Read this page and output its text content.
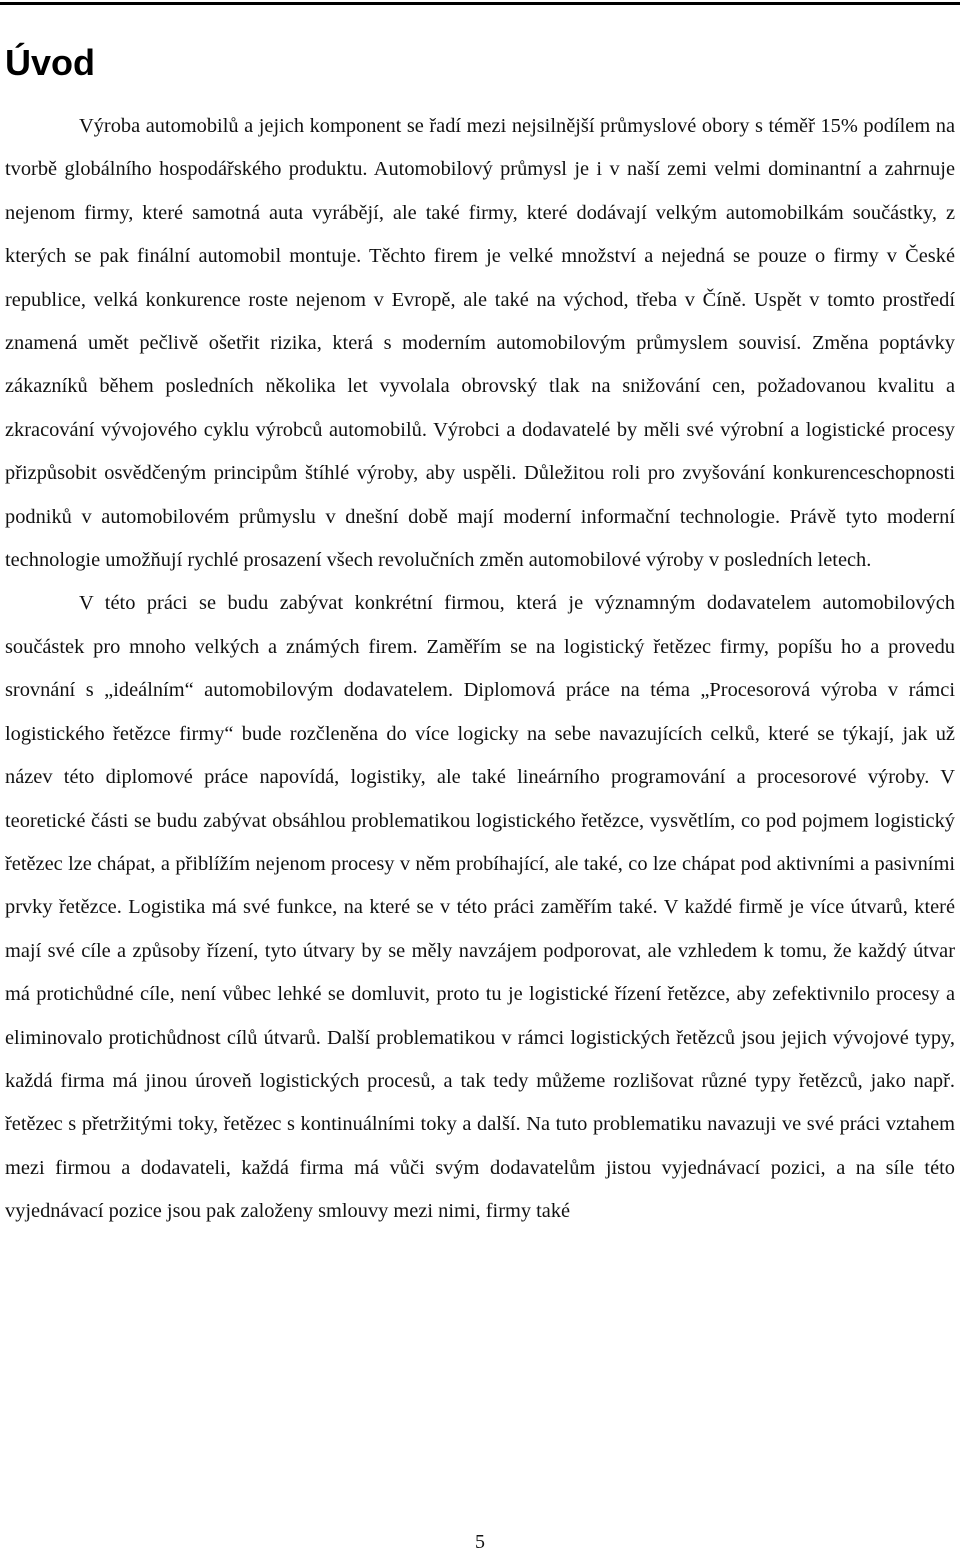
Úvod

Výroba automobilů a jejich komponent se řadí mezi nejsilnější průmyslové obory s téměř 15% podílem na tvorbě globálního hospodářského produktu. Automobilový průmysl je i v naší zemi velmi dominantní a zahrnuje nejenom firmy, které samotná auta vyrábějí, ale také firmy, které dodávají velkým automobilkám součástky, z kterých se pak finální automobil montuje. Těchto firem je velké množství a nejedná se pouze o firmy v České republice, velká konkurence roste nejenom v Evropě, ale také na východ, třeba v Číně. Uspět v tomto prostředí znamená umět pečlivě ošetřit rizika, která s moderním automobilovým průmyslem souvisí. Změna poptávky zákazníků během posledních několika let vyvolala obrovský tlak na snižování cen, požadovanou kvalitu a zkracování vývojového cyklu výrobců automobilů. Výrobci a dodavatelé by měli své výrobní a logistické procesy přizpůsobit osvědčeným principům štíhlé výroby, aby uspěli. Důležitou roli pro zvyšování konkurenceschopnosti podniků v automobilovém průmyslu v dnešní době mají moderní informační technologie. Právě tyto moderní technologie umožňují rychlé prosazení všech revolučních změn automobilové výroby v posledních letech.

V této práci se budu zabývat konkrétní firmou, která je významným dodavatelem automobilových součástek pro mnoho velkých a známých firem. Zaměřím se na logistický řetězec firmy, popíšu ho a provedu srovnání s „ideálním“ automobilovým dodavatelem. Diplomová práce na téma „Procesorová výroba v rámci logistického řetězce firmy“ bude rozčleněna do více logicky na sebe navazujících celků, které se týkají, jak už název této diplomové práce napovídá, logistiky, ale také lineárního programování a procesorové výroby. V teoretické části se budu zabývat obsáhlou problematikou logistického řetězce, vysvětlím, co pod pojmem logistický řetězec lze chápat, a přiblížím nejenom procesy v něm probíhající, ale také, co lze chápat pod aktivními a pasivními prvky řetězce. Logistika má své funkce, na které se v této práci zaměřím také. V každé firmě je více útvarů, které mají své cíle a způsoby řízení, tyto útvary by se měly navzájem podporovat, ale vzhledem k tomu, že každý útvar má protichůdné cíle, není vůbec lehké se domluvit, proto tu je logistické řízení řetězce, aby zefektivnilo procesy a eliminovalo protichůdnost cílů útvarů. Další problematikou v rámci logistických řetězců jsou jejich vývojové typy, každá firma má jinou úroveň logistických procesů, a tak tedy můžeme rozlišovat různé typy řetězců, jako např. řetězec s přetržitými toky, řetězec s kontinuálními toky a další. Na tuto problematiku navazuji ve své práci vztahem mezi firmou a dodavateli, každá firma má vůči svým dodavatelům jistou vyjednávací pozici, a na síle této vyjednávací pozice jsou pak založeny smlouvy mezi nimi, firmy také

5
